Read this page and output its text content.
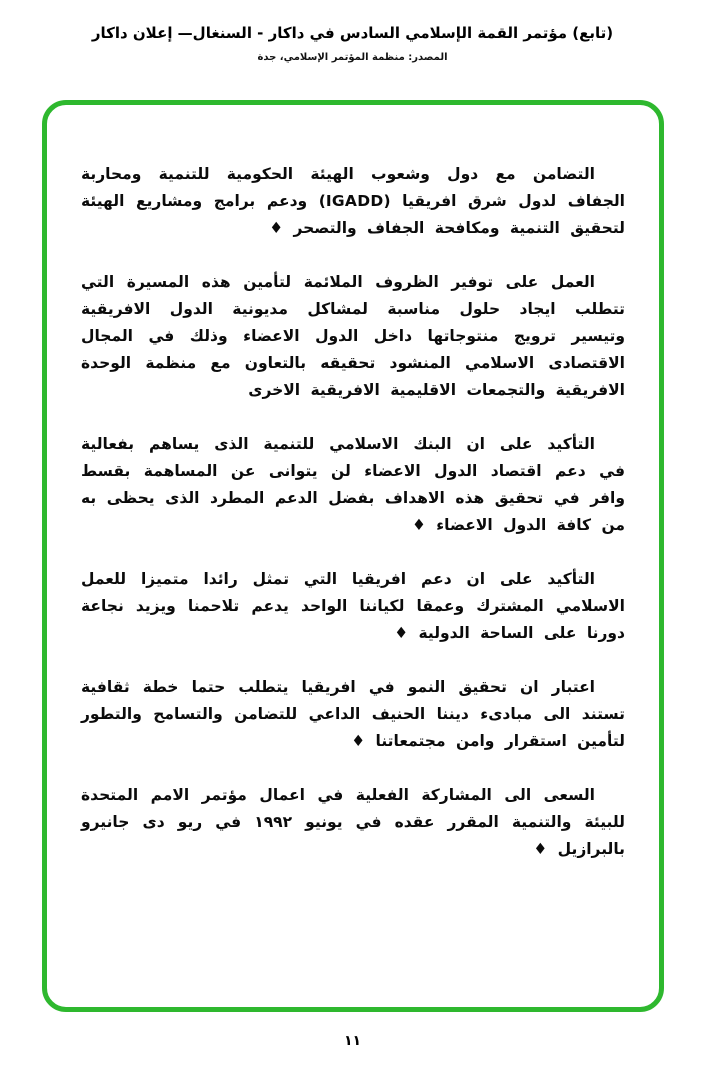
(تابع) مؤتمر القمة الإسلامي السادس في داكار - السنغال— إعلان داكار
المصدر: منظمة المؤتمر الإسلامي، جدة

التضامن مع دول وشعوب الهيئة الحكومية للتنمية ومحاربة الجفاف لدول شرق افريقيا (IGADD) ودعم برامج ومشاريع الهيئة لتحقيق التنمية ومكافحة الجفاف والتصحر ♦

العمل على توفير الظروف الملائمة لتأمين هذه المسيرة التي تتطلب ايجاد حلول مناسبة لمشاكل مديونية الدول الافريقية وتيسير ترويج منتوجاتها داخل الدول الاعضاء وذلك في المجال الاقتصادى الاسلامي المنشود تحقيقه بالتعاون مع منظمة الوحدة الافريقية والتجمعات الاقليمية الافريقية الاخرى

التأكيد على ان البنك الاسلامي للتنمية الذى يساهم بفعالية في دعم اقتصاد الدول الاعضاء لن يتوانى عن المساهمة بقسط وافر في تحقيق هذه الاهداف بفضل الدعم المطرد الذى يحظى به من كافة الدول الاعضاء ♦

التأكيد على ان دعم افريقيا التي تمثل رائدا متميزا للعمل الاسلامي المشترك وعمقا لكياننا الواحد يدعم تلاحمنا ويزيد نجاعة دورنا على الساحة الدولية ♦

اعتبار ان تحقيق النمو في افريقيا يتطلب حتما خطة ثقافية تستند الى مبادىء ديننا الحنيف الداعي للتضامن والتسامح والتطور لتأمين استقرار وامن مجتمعاتنا ♦

السعى الى المشاركة الفعلية في اعمال مؤتمر الامم المتحدة للبيئة والتنمية المقرر عقده في يونيو ١٩٩٢ في ريو دى جانيرو بالبرازيل ♦

١١
